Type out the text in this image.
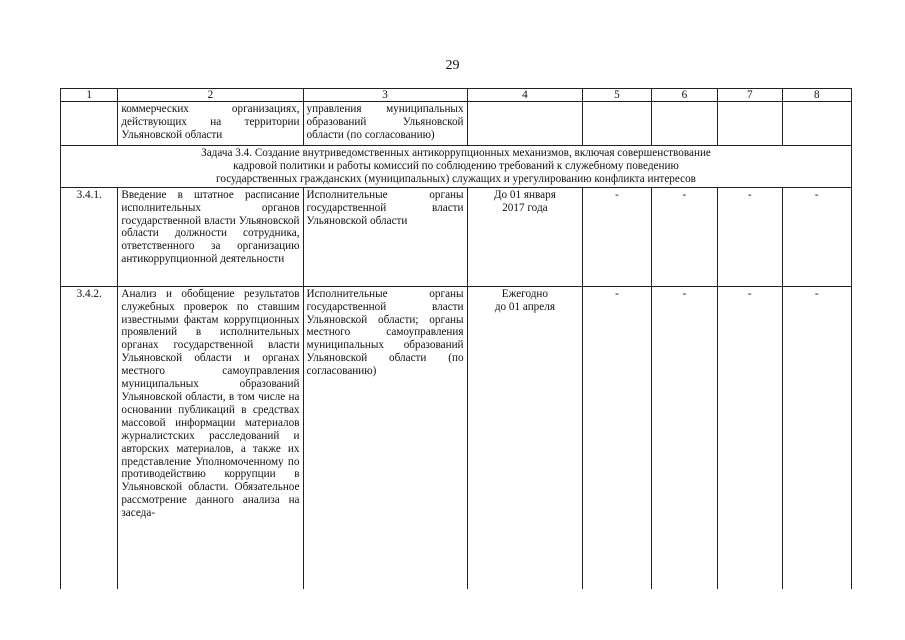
29
1	2	3	4	5	6	7	8
	коммерческих организациях, действующих на территории Ульяновской области	управления муниципальных образований Ульяновской области (по согласованию)					

Задача 3.4. Создание внутриведомственных антикоррупционных механизмов, включая совершенствование
кадровой политики и работы комиссий по соблюдению требований к служебному поведению
государственных гражданских (муниципальных) служащих и урегулированию конфликта интересов							

3.4.1.	Введение в штатное расписание исполнительных органов государственной власти Ульяновской области должности сотрудника, ответственного за организацию антикоррупционной деятельности	Исполнительные органы государственной власти Ульяновской области	До 01 января
2017 года	-	-	-	-
3.4.2.	Анализ и обобщение результатов служебных проверок по ставшим известными фактам коррупционных проявлений в исполнительных органах государственной власти Ульяновской области и органах местного самоуправления муниципальных образований Ульяновской области, в том числе на основании публикаций в средствах массовой информации материалов журналистских расследований и авторских материалов, а также их представление Уполномоченному по противодействию коррупции в Ульяновской области. Обязательное рассмотрение данного анализа на заседа-	Исполнительные органы государственной власти Ульяновской области; органы местного самоуправления муниципальных образований Ульяновской области (по согласованию)	Ежегодно
до 01 апреля	-	-	-	-
